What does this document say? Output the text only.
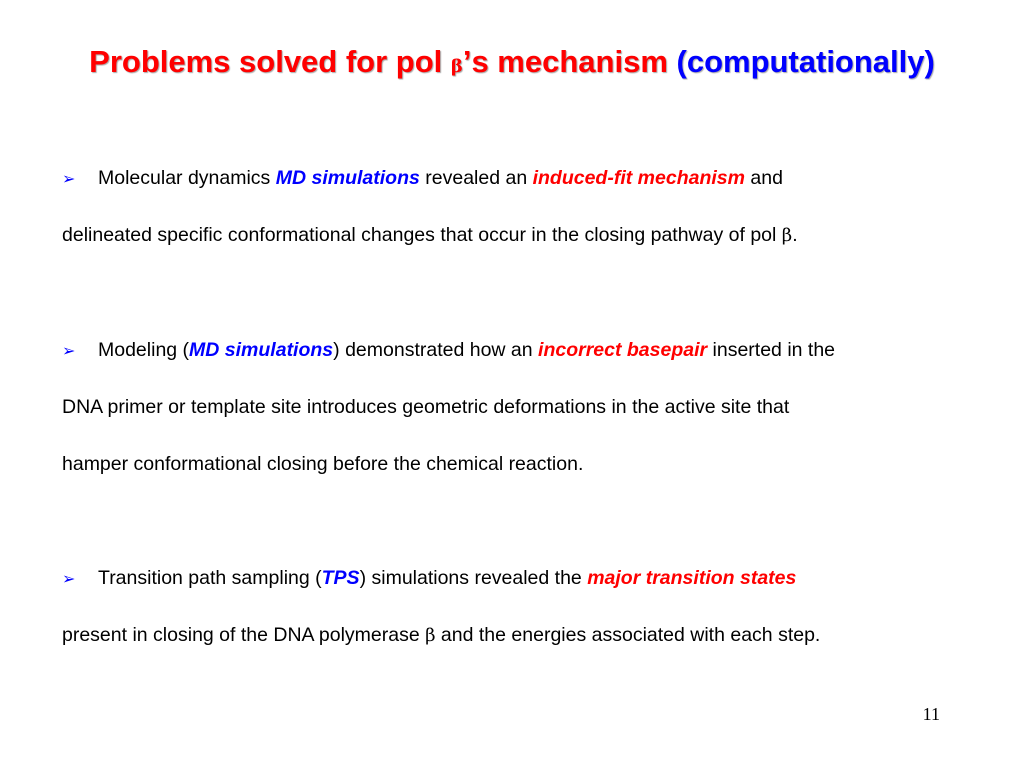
Problems solved for pol β’s mechanism (computationally)
➢ Molecular dynamics MD simulations revealed an induced-fit mechanism and
delineated specific conformational changes that occur in the closing pathway of pol β.
➢ Modeling (MD simulations) demonstrated how an incorrect basepair inserted in the
DNA primer or template site introduces geometric deformations in the active site that
hamper conformational closing before the chemical reaction.
➢ Transition path sampling (TPS) simulations revealed the major transition states
present in closing of the DNA polymerase β and the energies associated with each step.
11
